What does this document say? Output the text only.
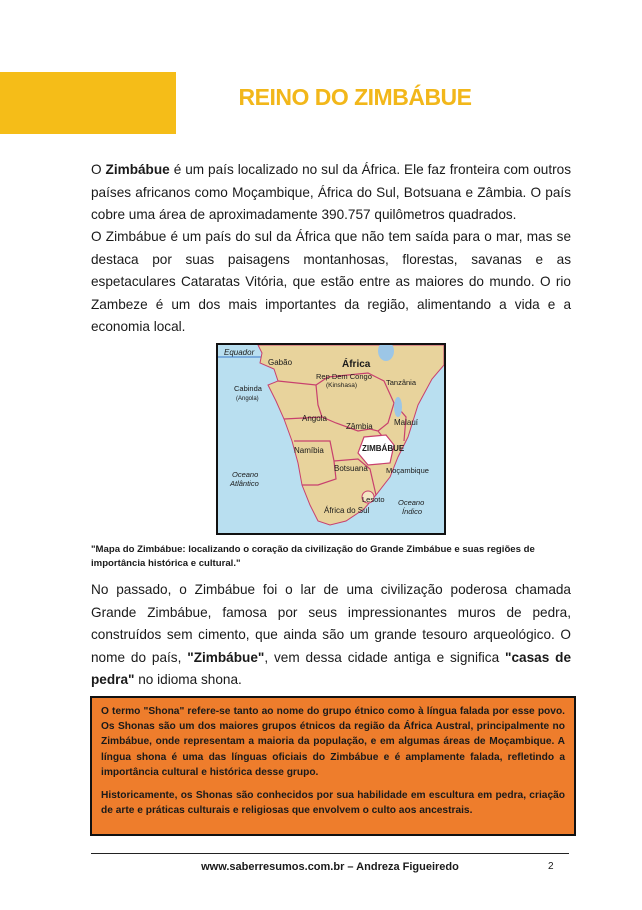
REINO DO ZIMBÁBUE
O Zimbábue é um país localizado no sul da África. Ele faz fronteira com outros países africanos como Moçambique, África do Sul, Botsuana e Zâmbia. O país cobre uma área de aproximadamente 390.757 quilômetros quadrados.
O Zimbábue é um país do sul da África que não tem saída para o mar, mas se destaca por suas paisagens montanhosas, florestas, savanas e as espetaculares Cataratas Vitória, que estão entre as maiores do mundo. O rio Zambeze é um dos mais importantes da região, alimentando a vida e a economia local.
Equador
Gabão	África
Rep Dem Congo
(Kinshasa)	Tanzânia
Cabinda
(Angola)
Angola
Zâmbia	Malauí
ZIMBÁBUE
Namíbia
Botsuana Moçambique
Oceano
Atlântico
Oceano
Índico
Lesoto
África do Sul
"Mapa do Zimbábue: localizando o coração da civilização do Grande Zimbábue e suas regiões de importância histórica e cultural."
No passado, o Zimbábue foi o lar de uma civilização poderosa chamada Grande Zimbábue, famosa por seus impressionantes muros de pedra, construídos sem cimento, que ainda são um grande tesouro arqueológico. O nome do país, "Zimbábue", vem dessa cidade antiga e significa "casas de pedra" no idioma shona.

O termo "Shona" refere-se tanto ao nome do grupo étnico como à língua falada por esse povo. Os Shonas são um dos maiores grupos étnicos da região da África Austral, principalmente no Zimbábue, onde representam a maioria da população, e em algumas áreas de Moçambique. A língua shona é uma das línguas oficiais do Zimbábue e é amplamente falada, refletindo a importância cultural e histórica desse grupo.

Historicamente, os Shonas são conhecidos por sua habilidade em escultura em pedra, criação de arte e práticas culturais e religiosas que envolvem o culto aos ancestrais.

www.saberresumos.com.br – Andreza Figueiredo	2
